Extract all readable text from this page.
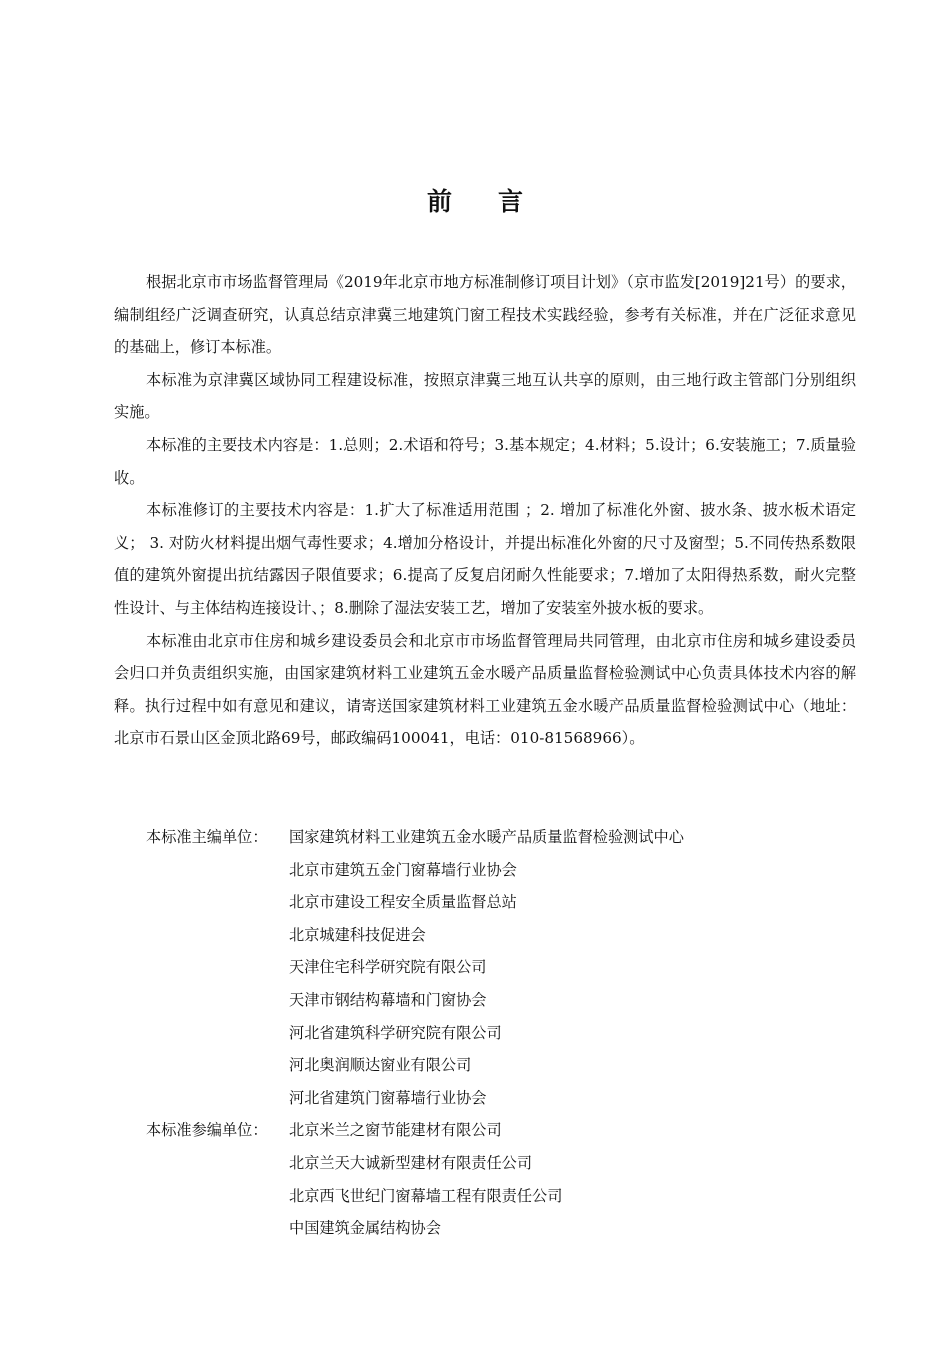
前言

根据北京市市场监督管理局《2019年北京市地方标准制修订项目计划》（京市监发[2019]21号）的要求，编制组经广泛调查研究，认真总结京津冀三地建筑门窗工程技术实践经验，参考有关标准，并在广泛征求意见的基础上，修订本标准。

本标准为京津冀区域协同工程建设标准，按照京津冀三地互认共享的原则，由三地行政主管部门分别组织实施。

本标准的主要技术内容是：1.总则；2.术语和符号；3.基本规定；4.材料；5.设计；6.安装施工；7.质量验收。

本标准修订的主要技术内容是：1.扩大了标准适用范围 ；2. 增加了标准化外窗、披水条、披水板术语定义； 3. 对防火材料提出烟气毒性要求；4.增加分格设计，并提出标准化外窗的尺寸及窗型；5.不同传热系数限值的建筑外窗提出抗结露因子限值要求；6.提高了反复启闭耐久性能要求；7.增加了太阳得热系数，耐火完整性设计、与主体结构连接设计、；8.删除了湿法安装工艺，增加了安装室外披水板的要求。

本标准由北京市住房和城乡建设委员会和北京市市场监督管理局共同管理，由北京市住房和城乡建设委员会归口并负责组织实施，由国家建筑材料工业建筑五金水暖产品质量监督检验测试中心负责具体技术内容的解释。执行过程中如有意见和建议，请寄送国家建筑材料工业建筑五金水暖产品质量监督检验测试中心（地址：北京市石景山区金顶北路69号，邮政编码100041，电话：010-81568966）。

本标准主编单位：	国家建筑材料工业建筑五金水暖产品质量监督检验测试中心
北京市建筑五金门窗幕墙行业协会
北京市建设工程安全质量监督总站
北京城建科技促进会
天津住宅科学研究院有限公司
天津市钢结构幕墙和门窗协会
河北省建筑科学研究院有限公司
河北奥润顺达窗业有限公司
河北省建筑门窗幕墙行业协会
本标准参编单位：	北京米兰之窗节能建材有限公司
北京兰天大诚新型建材有限责任公司
北京西飞世纪门窗幕墙工程有限责任公司
中国建筑金属结构协会
